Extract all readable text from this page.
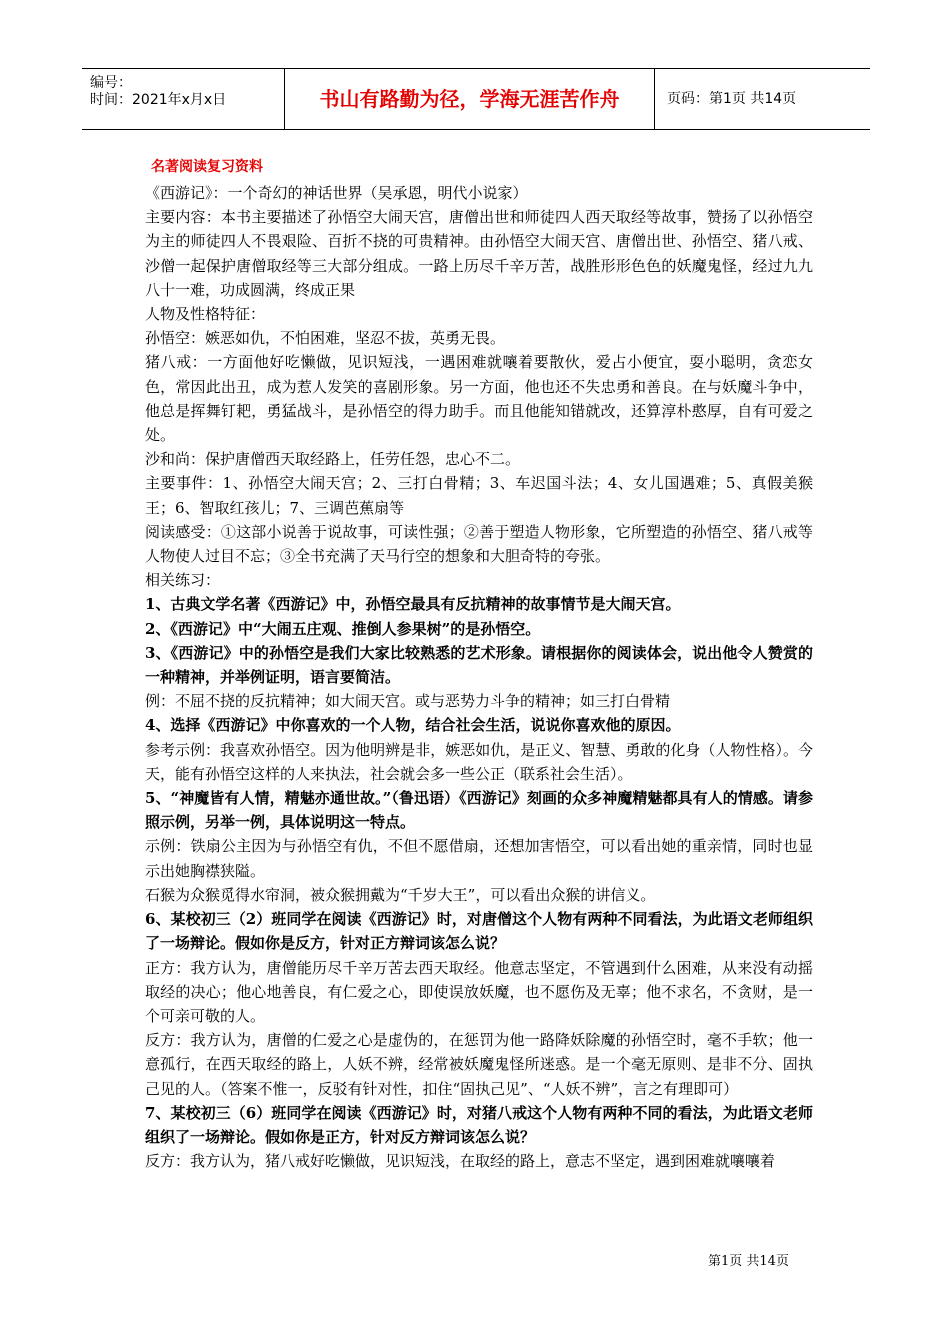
编号：
时间：2021年x月x日	书山有路勤为径，学海无涯苦作舟	页码：第1页 共14页
名著阅读复习资料

《西游记》：一个奇幻的神话世界（吴承恩，明代小说家）

主要内容：本书主要描述了孙悟空大闹天宫，唐僧出世和师徒四人西天取经等故事，赞扬了以孙悟空为主的师徒四人不畏艰险、百折不挠的可贵精神。由孙悟空大闹天宫、唐僧出世、孙悟空、猪八戒、沙僧一起保护唐僧取经等三大部分组成。一路上历尽千辛万苦，战胜形形色色的妖魔鬼怪，经过九九八十一难，功成圆满，终成正果

人物及性格特征：

孙悟空：嫉恶如仇，不怕困难，坚忍不拔，英勇无畏。

猪八戒：一方面他好吃懒做，见识短浅，一遇困难就嚷着要散伙，爱占小便宜，耍小聪明，贪恋女色，常因此出丑，成为惹人发笑的喜剧形象。另一方面，他也还不失忠勇和善良。在与妖魔斗争中，他总是挥舞钉耙，勇猛战斗，是孙悟空的得力助手。而且他能知错就改，还算淳朴憨厚，自有可爱之处。

沙和尚：保护唐僧西天取经路上，任劳任怨，忠心不二。

主要事件：1、孙悟空大闹天宫；2、三打白骨精；3、车迟国斗法；4、女儿国遇难；5、真假美猴王；6、智取红孩儿；7、三调芭蕉扇等

阅读感受：①这部小说善于说故事，可读性强；②善于塑造人物形象，它所塑造的孙悟空、猪八戒等人物使人过目不忘；③全书充满了天马行空的想象和大胆奇特的夸张。

相关练习：

1、古典文学名著《西游记》中，孙悟空最具有反抗精神的故事情节是大闹天宫。

2、《西游记》中“大闹五庄观、推倒人参果树”的是孙悟空。

3、《西游记》中的孙悟空是我们大家比较熟悉的艺术形象。请根据你的阅读体会，说出他令人赞赏的一种精神，并举例证明，语言要简洁。

例：不屈不挠的反抗精神；如大闹天宫。或与恶势力斗争的精神；如三打白骨精

4、选择《西游记》中你喜欢的一个人物，结合社会生活，说说你喜欢他的原因。

参考示例：我喜欢孙悟空。因为他明辨是非，嫉恶如仇，是正义、智慧、勇敢的化身（人物性格）。今天，能有孙悟空这样的人来执法，社会就会多一些公正（联系社会生活）。

5、“神魔皆有人情，精魅亦通世故。”（鲁迅语）《西游记》刻画的众多神魔精魅都具有人的情感。请参照示例，另举一例，具体说明这一特点。

示例：铁扇公主因为与孙悟空有仇，不但不愿借扇，还想加害悟空，可以看出她的重亲情，同时也显示出她胸襟狭隘。

石猴为众猴觅得水帘洞，被众猴拥戴为“千岁大王”，可以看出众猴的讲信义。

6、某校初三（2）班同学在阅读《西游记》时，对唐僧这个人物有两种不同看法，为此语文老师组织了一场辩论。假如你是反方，针对正方辩词该怎么说？

正方：我方认为，唐僧能历尽千辛万苦去西天取经。他意志坚定，不管遇到什么困难，从来没有动摇取经的决心；他心地善良，有仁爱之心，即使误放妖魔，也不愿伤及无辜；他不求名，不贪财，是一个可亲可敬的人。

反方：我方认为，唐僧的仁爱之心是虚伪的，在惩罚为他一路降妖除魔的孙悟空时，毫不手软；他一意孤行，在西天取经的路上，人妖不辨，经常被妖魔鬼怪所迷惑。是一个毫无原则、是非不分、固执己见的人。（答案不惟一，反驳有针对性，扣住“固执己见”、“人妖不辨”，言之有理即可）

7、某校初三（6）班同学在阅读《西游记》时，对猪八戒这个人物有两种不同的看法，为此语文老师组织了一场辩论。假如你是正方，针对反方辩词该怎么说？

反方：我方认为，猪八戒好吃懒做，见识短浅，在取经的路上，意志不坚定，遇到困难就嚷嚷着

第1页 共14页
